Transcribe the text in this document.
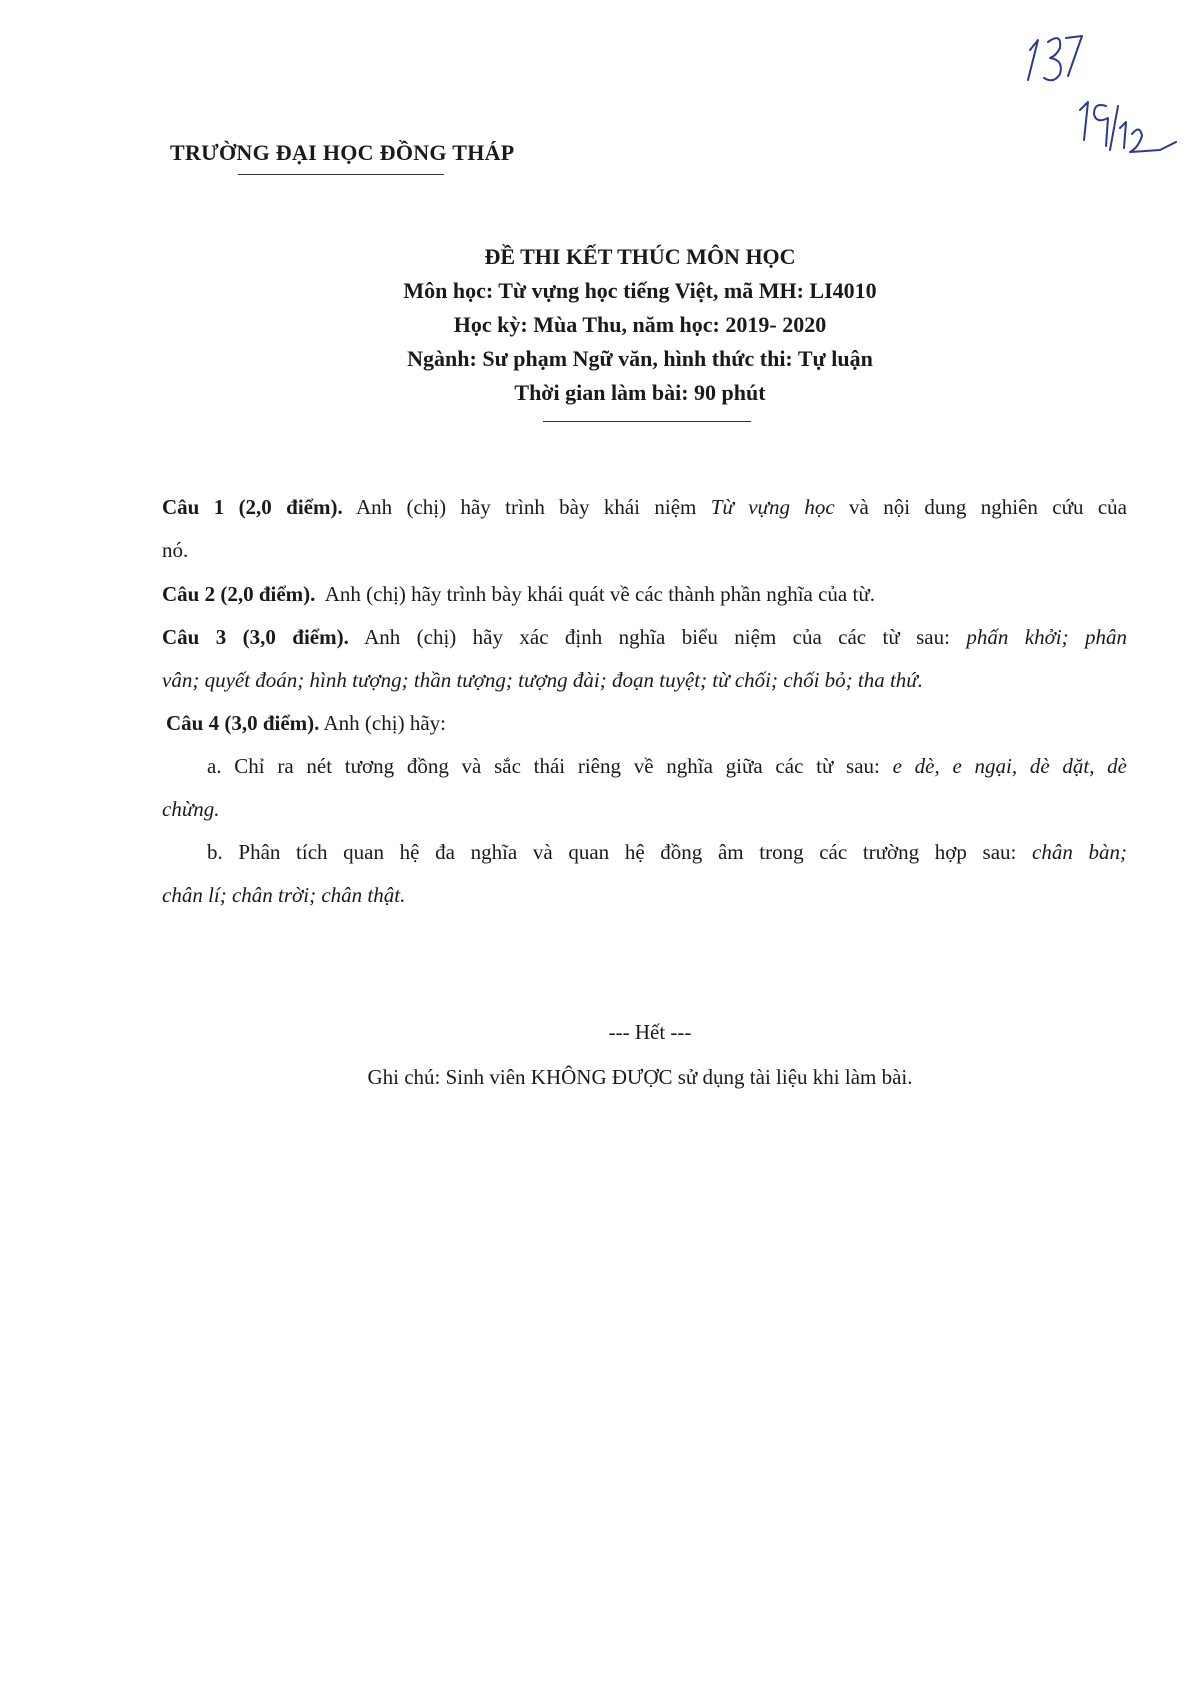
TRƯỜNG ĐẠI HỌC ĐỒNG THÁP
ĐỀ THI KẾT THÚC MÔN HỌC
Môn học: Từ vựng học tiếng Việt, mã MH: LI4010
Học kỳ: Mùa Thu, năm học: 2019- 2020
Ngành: Sư phạm Ngữ văn, hình thức thi: Tự luận
Thời gian làm bài: 90 phút
Câu 1 (2,0 điểm). Anh (chị) hãy trình bày khái niệm Từ vựng học và nội dung nghiên cứu của
nó.
Câu 2 (2,0 điểm). Anh (chị) hãy trình bày khái quát về các thành phần nghĩa của từ.
Câu 3 (3,0 điểm). Anh (chị) hãy xác định nghĩa biểu niệm của các từ sau: phấn khởi; phân
vân; quyết đoán; hình tượng; thần tượng; tượng đài; đoạn tuyệt; từ chối; chối bỏ; tha thứ.
Câu 4 (3,0 điểm). Anh (chị) hãy:
a. Chỉ ra nét tương đồng và sắc thái riêng về nghĩa giữa các từ sau: e dè, e ngại, dè dặt, dè
chừng.
b. Phân tích quan hệ đa nghĩa và quan hệ đồng âm trong các trường hợp sau: chân bàn;
chân lí; chân trời; chân thật.
--- Hết ---
Ghi chú: Sinh viên KHÔNG ĐƯỢC sử dụng tài liệu khi làm bài.
